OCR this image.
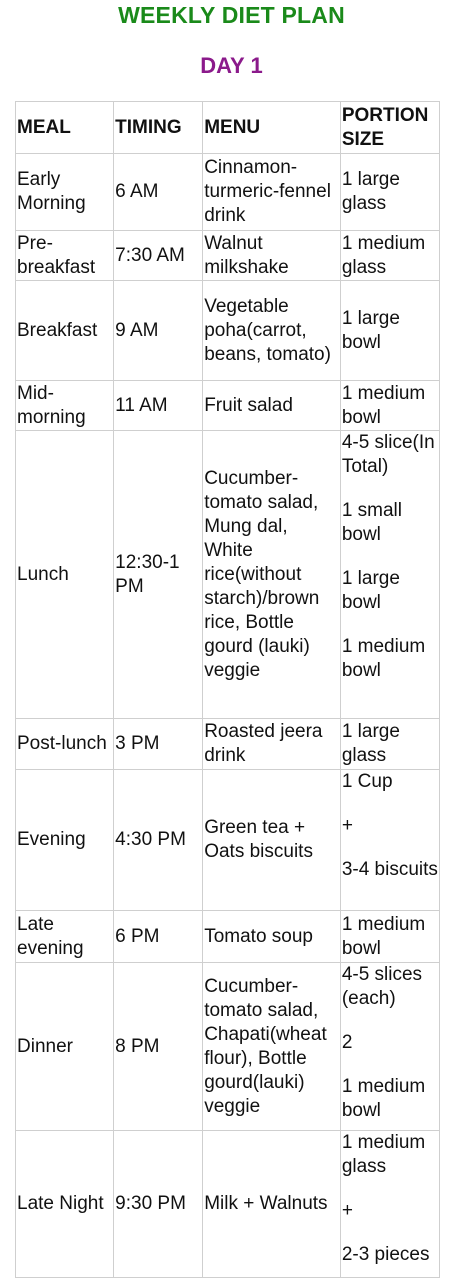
WEEKLY DIET PLAN
DAY 1
MEAL	TIMING	MENU	PORTION SIZE
Early Morning	6 AM	Cinnamon-turmeric-fennel drink	1 large glass

Pre-breakfast	7:30 AM	Walnut milkshake	1 medium glass

Breakfast	9 AM	Vegetable poha(carrot, beans, tomato)	1 large bowl

Mid-morning	11 AM	Fruit salad	1 medium bowl

Lunch	12:30-1 PM	Cucumber-tomato salad, Mung dal, White rice(without starch)/brown rice, Bottle gourd (lauki) veggie	4-5 slice(In Total)
1 small bowl
1 large bowl
1 medium bowl

Post-lunch	3 PM	Roasted jeera drink	1 large glass

Evening	4:30 PM	Green tea + Oats biscuits	1 Cup
+
3-4 biscuits

Late evening	6 PM	Tomato soup	1 medium bowl

Dinner	8 PM	Cucumber-tomato salad, Chapati(wheat flour), Bottle gourd(lauki) veggie	4-5 slices (each)
2
1 medium bowl

Late Night	9:30 PM	Milk + Walnuts	1 medium glass
+
2-3 pieces
